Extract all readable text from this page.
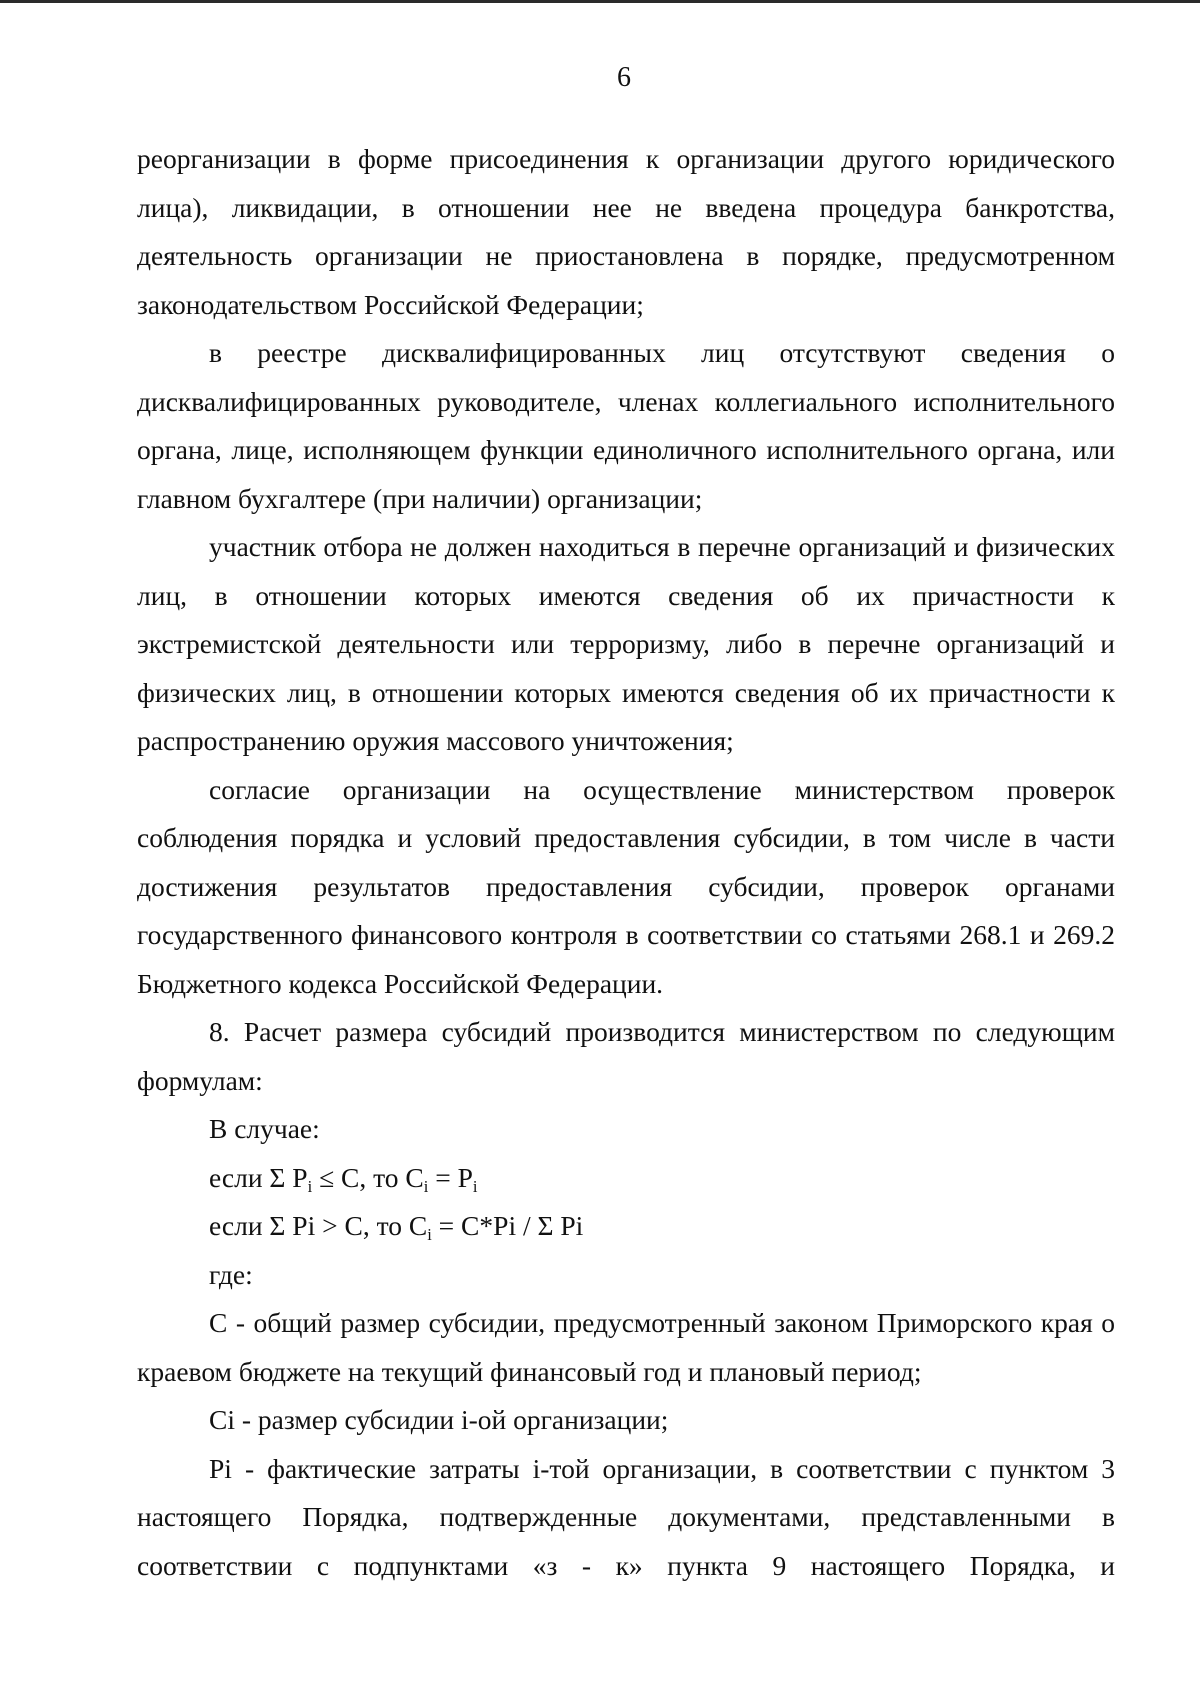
6

реорганизации в форме присоединения к организации другого юридического лица), ликвидации, в отношении нее не введена процедура банкротства, деятельность организации не приостановлена в порядке, предусмотренном законодательством Российской Федерации;

в реестре дисквалифицированных лиц отсутствуют сведения о дисквалифицированных руководителе, членах коллегиального исполнительного органа, лице, исполняющем функции единоличного исполнительного органа, или главном бухгалтере (при наличии) организации;

участник отбора не должен находиться в перечне организаций и физических лиц, в отношении которых имеются сведения об их причастности к экстремистской деятельности или терроризму, либо в перечне организаций и физических лиц, в отношении которых имеются сведения об их причастности к распространению оружия массового уничтожения;

согласие организации на осуществление министерством проверок соблюдения порядка и условий предоставления субсидии, в том числе в части достижения результатов предоставления субсидии, проверок органами государственного финансового контроля в соответствии со статьями 268.1 и 269.2 Бюджетного кодекса Российской Федерации.

8. Расчет размера субсидий производится министерством по следующим формулам:

В случае:

если Σ $P_i \le C$, то $C_i = P_i$

если Σ Pi > C, то $C_i = C*Pi / \Sigma$ Pi

где:

С - общий размер субсидии, предусмотренный законом Приморского края о краевом бюджете на текущий финансовый год и плановый период;

Ci - размер субсидии i-ой организации;

Pi - фактические затраты i-той организации, в соответствии с пунктом 3 настоящего Порядка, подтвержденные документами, представленными в соответствии с подпунктами «з - к» пункта 9 настоящего Порядка, и
